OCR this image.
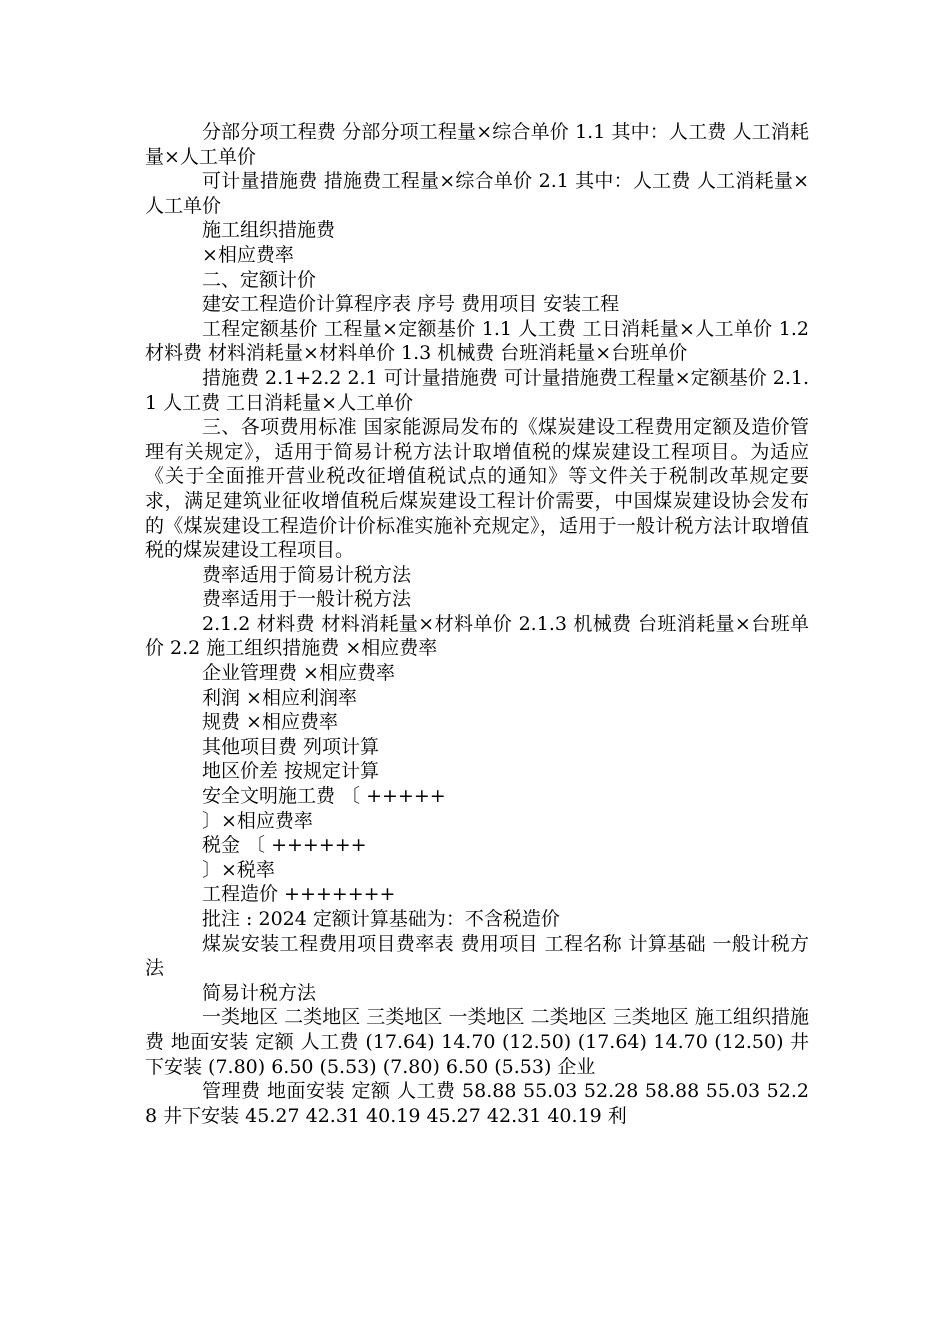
分部分项工程费 分部分项工程量×综合单价 1.1 其中：人工费 人工消耗量×人工单价

可计量措施费 措施费工程量×综合单价 2.1 其中：人工费 人工消耗量×人工单价

施工组织措施费

×相应费率

二、定额计价

建安工程造价计算程序表 序号 费用项目 安装工程

工程定额基价 工程量×定额基价 1.1 人工费 工日消耗量×人工单价 1.2 材料费 材料消耗量×材料单价 1.3 机械费 台班消耗量×台班单价

措施费 2.1+2.2 2.1 可计量措施费 可计量措施费工程量×定额基价 2.1.1 人工费 工日消耗量×人工单价

三、各项费用标准 国家能源局发布的《煤炭建设工程费用定额及造价管理有关规定》，适用于简易计税方法计取增值税的煤炭建设工程项目。为适应《关于全面推开营业税改征增值税试点的通知》等文件关于税制改革规定要求，满足建筑业征收增值税后煤炭建设工程计价需要，中国煤炭建设协会发布的《煤炭建设工程造价计价标准实施补充规定》，适用于一般计税方法计取增值税的煤炭建设工程项目。

费率适用于简易计税方法

费率适用于一般计税方法

2.1.2 材料费 材料消耗量×材料单价 2.1.3 机械费 台班消耗量×台班单价 2.2 施工组织措施费 ×相应费率

企业管理费 ×相应费率

利润 ×相应利润率

规费 ×相应费率

其他项目费 列项计算

地区价差 按规定计算

安全文明施工费 〔 +++++

〕×相应费率

税金 〔 ++++++

〕×税率

工程造价 +++++++

批注 : 2024 定额计算基础为：不含税造价

煤炭安装工程费用项目费率表 费用项目 工程名称 计算基础 一般计税方法

简易计税方法

一类地区 二类地区 三类地区 一类地区 二类地区 三类地区 施工组织措施费 地面安装 定额 人工费 (17.64) 14.70 (12.50) (17.64) 14.70 (12.50) 井下安装 (7.80) 6.50 (5.53) (7.80) 6.50 (5.53) 企业

管理费 地面安装 定额 人工费 58.88 55.03 52.28 58.88 55.03 52.28 井下安装 45.27 42.31 40.19 45.27 42.31 40.19 利
